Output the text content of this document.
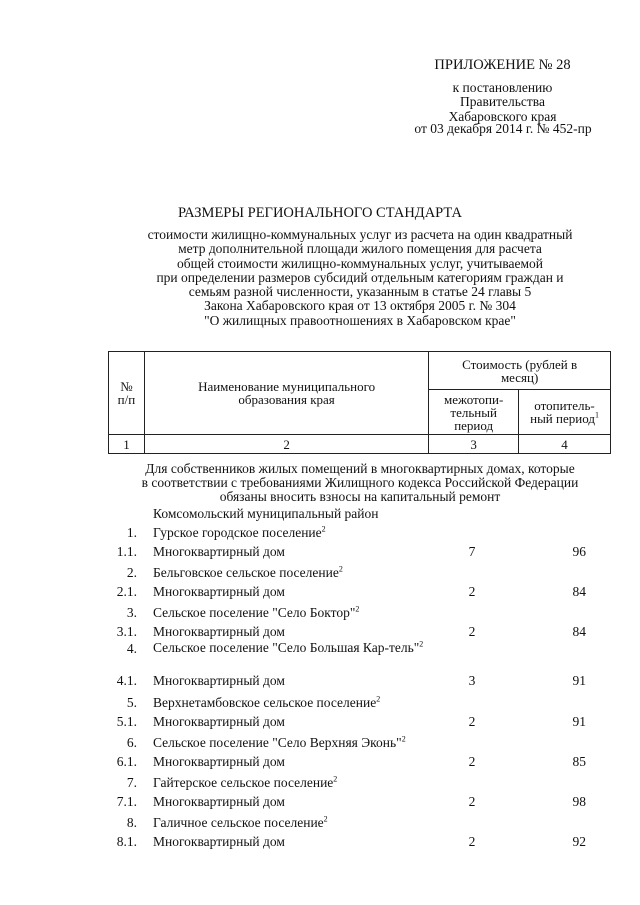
ПРИЛОЖЕНИЕ № 28
к постановлению
Правительства
Хабаровского края
от 03 декабря 2014 г. № 452-пр
РАЗМЕРЫ РЕГИОНАЛЬНОГО СТАНДАРТА
стоимости жилищно-коммунальных услуг из расчета на один квадратный
метр дополнительной площади жилого помещения для расчета
общей стоимости жилищно-коммунальных услуг, учитываемой
при определении размеров субсидий отдельным категориям граждан и
семьям разной численности, указанным в статье 24 главы 5
Закона Хабаровского края от 13 октября 2005 г. № 304
"О жилищных правоотношениях в Хабаровском крае"
№ п/п	Наименование муниципального образования края	Стоимость (рублей в месяц)	

		межотопи-тельный период	отопитель-ный период$^1$

1	2	3	4
Для собственников жилых помещений в многоквартирных домах, которые
в соответствии с требованиями Жилищного кодекса Российской Федерации
обязаны вносить взносы на капитальный ремонт
Комсомольский муниципальный район
1. Гурское городское поселение$^2$
1.1. Многоквартирный дом	7	96
2. Бельговское сельское поселение$^2$
2.1. Многоквартирный дом	2	84
3. Сельское поселение "Село Боктор"$^2$
3.1. Многоквартирный дом	2	84
4. Сельское поселение "Село Большая Кар-тель"$^2$
4.1. Многоквартирный дом	3	91
5. Верхнетамбовское сельское поселение$^2$
5.1. Многоквартирный дом	2	91
6. Сельское поселение "Село Верхняя Эконь"$^2$
6.1. Многоквартирный дом	2	85
7. Гайтерское сельское поселение$^2$
7.1. Многоквартирный дом	2	98
8. Галичное сельское поселение$^2$
8.1. Многоквартирный дом	2	92
